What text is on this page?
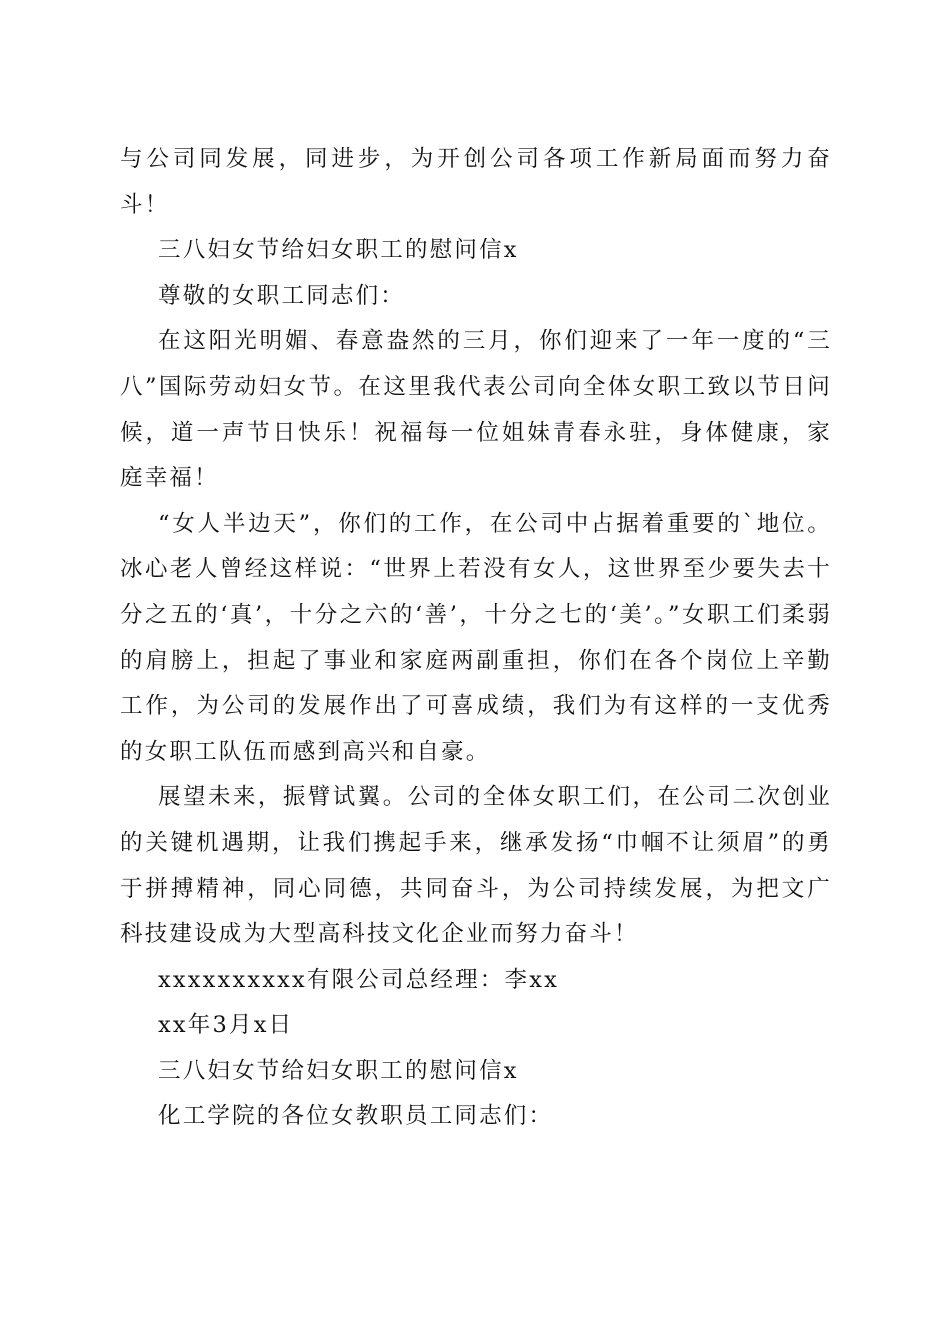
与公司同发展，同进步，为开创公司各项工作新局面而努力奋斗！

三八妇女节给妇女职工的慰问信x

尊敬的女职工同志们：

在这阳光明媚、春意盎然的三月，你们迎来了一年一度的“三八”国际劳动妇女节。在这里我代表公司向全体女职工致以节日问候，道一声节日快乐！祝福每一位姐妹青春永驻，身体健康，家庭幸福！

“女人半边天”，你们的工作，在公司中占据着重要的`地位。冰心老人曾经这样说：“世界上若没有女人，这世界至少要失去十分之五的‘真’，十分之六的‘善’，十分之七的‘美’。”女职工们柔弱的肩膀上，担起了事业和家庭两副重担，你们在各个岗位上辛勤工作，为公司的发展作出了可喜成绩，我们为有这样的一支优秀的女职工队伍而感到高兴和自豪。

展望未来，振臂试翼。公司的全体女职工们，在公司二次创业的关键机遇期，让我们携起手来，继承发扬“巾帼不让须眉”的勇于拼搏精神，同心同德，共同奋斗，为公司持续发展，为把文广科技建设成为大型高科技文化企业而努力奋斗！

xxxxxxxxxx有限公司总经理：李xx

xx年3月x日

三八妇女节给妇女职工的慰问信x

化工学院的各位女教职员工同志们：
